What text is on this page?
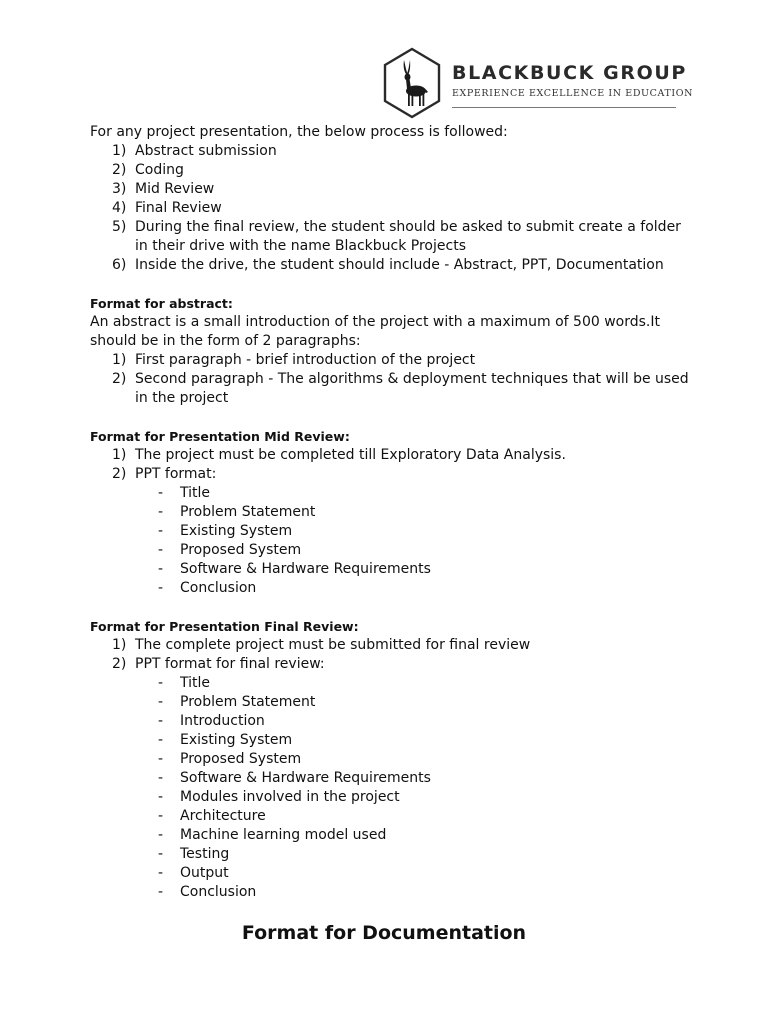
BLACKBUCK GROUP
EXPERIENCE EXCELLENCE IN EDUCATION

For any project presentation, the below process is followed:

1) Abstract submission
2) Coding
3) Mid Review
4) Final Review
5) During the final review, the student should be asked to submit create a folder in their drive with the name Blackbuck Projects
6) Inside the drive, the student should include - Abstract, PPT, Documentation

Format for abstract:

An abstract is a small introduction of the project with a maximum of 500 words.It should be in the form of 2 paragraphs:

1) First paragraph - brief introduction of the project
2) Second paragraph - The algorithms & deployment techniques that will be used in the project

Format for Presentation Mid Review:

1) The project must be completed till Exploratory Data Analysis.
2) PPT format:
- Title
- Problem Statement
- Existing System
- Proposed System
- Software & Hardware Requirements
- Conclusion

Format for Presentation Final Review:

1) The complete project must be submitted for final review
2) PPT format for final review:
- Title
- Problem Statement
- Introduction
- Existing System
- Proposed System
- Software & Hardware Requirements
- Modules involved in the project
- Architecture
- Machine learning model used
- Testing
- Output
- Conclusion
Format for Documentation
